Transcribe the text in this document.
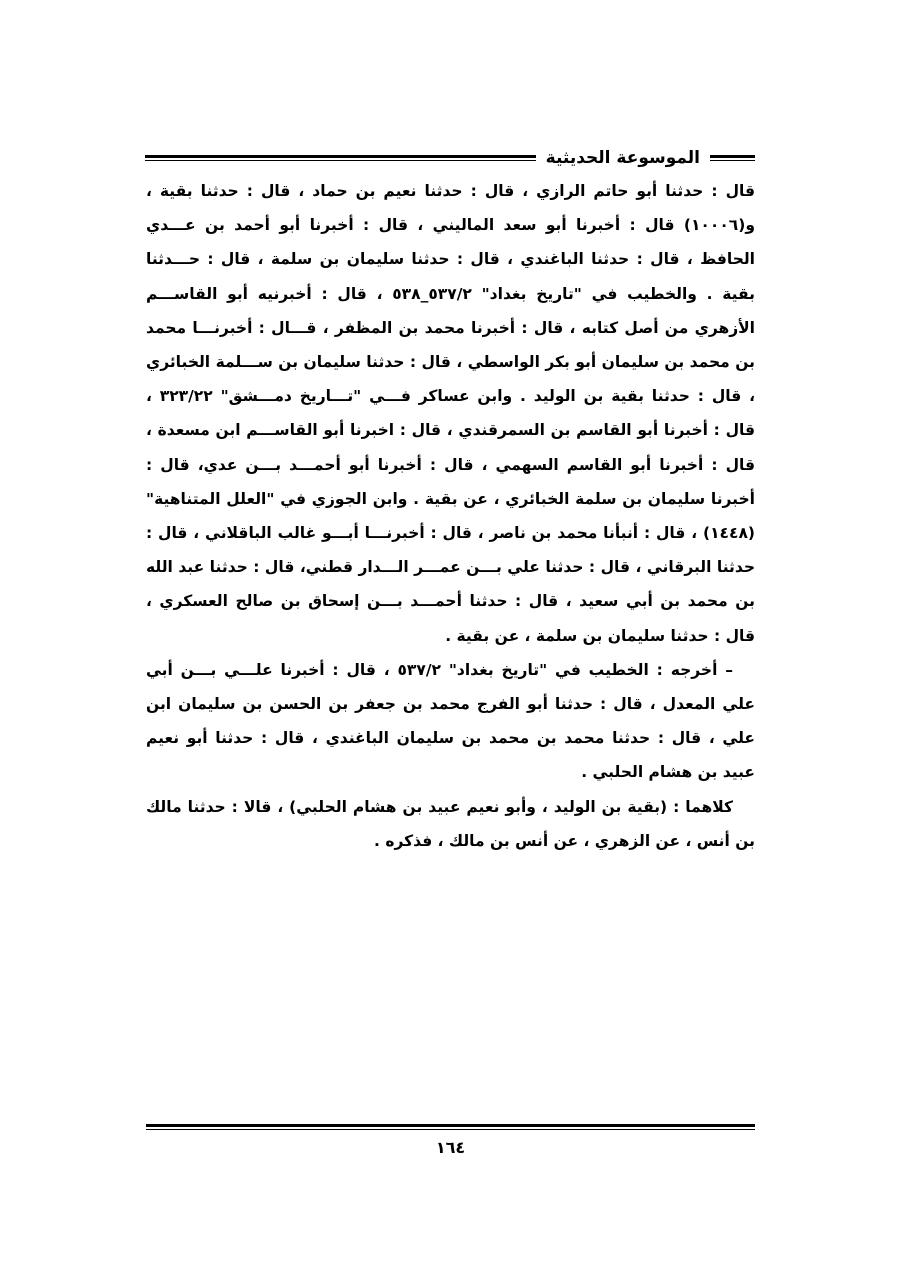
الموسوعة الحديثية

قال : حدثنا أبو حاتم الرازي ، قال : حدثنا نعيم بن حماد ، قال : حدثنا بقية ، و(١٠٠٠٦) قال : أخبرنا أبو سعد الماليني ، قال : أخبرنا أبو أحمد بن عـــدي الحافظ ، قال : حدثنا الباغندي ، قال : حدثنا سليمان بن سلمة ، قال : حـــدثنا بقية . والخطيب في "تاريخ بغداد" ٥٣٧/٢_٥٣٨ ، قال : أخبرنيه أبو القاســـم الأزهري من أصل كتابه ، قال : أخبرنا محمد بن المظفر ، قـــال : أخبرنـــا محمد بن محمد بن سليمان أبو بكر الواسطي ، قال : حدثنا سليمان بن ســـلمة الخبائري ، قال : حدثنا بقية بن الوليد . وابن عساكر فـــي "تـــاريخ دمـــشق" ٣٢٣/٢٢ ، قال : أخبرنا أبو القاسم بن السمرقندي ، قال : اخبرنا أبو القاســـم ابن مسعدة ، قال : أخبرنا أبو القاسم السهمي ، قال : أخبرنا أبو أحمـــد بـــن عدي، قال : أخبرنا سليمان بن سلمة الخبائري ، عن بقية . وابن الجوزي في "العلل المتناهية" (١٤٤٨) ، قال : أنبأنا محمد بن ناصر ، قال : أخبرنـــا أبـــو غالب الباقلاني ، قال : حدثنا البرقاني ، قال : حدثنا علي بـــن عمـــر الـــدار قطني، قال : حدثنا عبد الله بن محمد بن أبي سعيد ، قال : حدثنا أحمـــد بـــن إسحاق بن صالح العسكري ، قال : حدثنا سليمان بن سلمة ، عن بقية .

– أخرجه : الخطيب في "تاريخ بغداد" ٥٣٧/٢ ، قال : أخبرنا علـــي بـــن أبي علي المعدل ، قال : حدثنا أبو الفرج محمد بن جعفر بن الحسن بن سليمان ابن علي ، قال : حدثنا محمد بن محمد بن سليمان الباغندي ، قال : حدثنا أبو نعيم عبيد بن هشام الحلبي .

كلاهما : (بقية بن الوليد ، وأبو نعيم عبيد بن هشام الحلبي) ، قالا : حدثنا مالك بن أنس ، عن الزهري ، عن أنس بن مالك ، فذكره .

١٦٤
